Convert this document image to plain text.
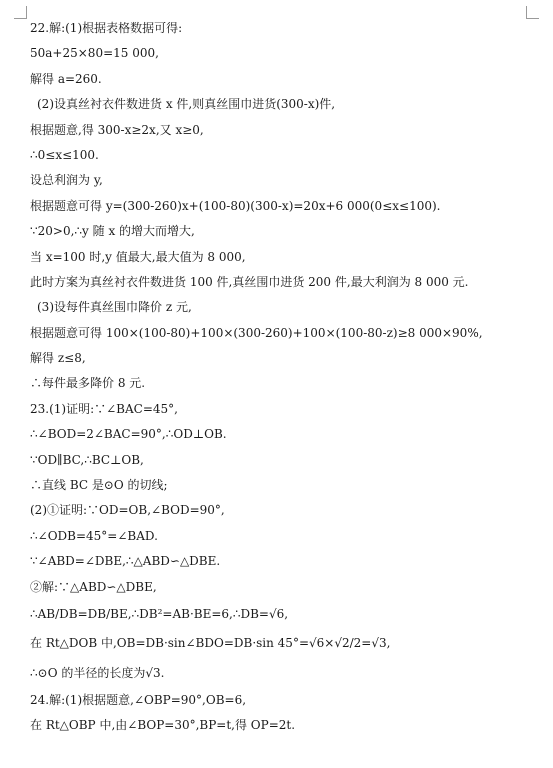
22.解:(1)根据表格数据可得:
50a+25×80=15 000,
解得 a=260.
(2)设真丝衬衣件数进货 x 件,则真丝围巾进货(300-x)件,
根据题意,得 300-x≥2x,又 x≥0,
∴0≤x≤100.
设总利润为 y,
根据题意可得 y=(300-260)x+(100-80)(300-x)=20x+6 000(0≤x≤100).
∵20>0,∴y 随 x 的增大而增大,
当 x=100 时,y 值最大,最大值为 8 000,
此时方案为真丝衬衣件数进货 100 件,真丝围巾进货 200 件,最大利润为 8 000 元.
(3)设每件真丝围巾降价 z 元,
根据题意可得 100×(100-80)+100×(300-260)+100×(100-80-z)≥8 000×90%,
解得 z≤8,
∴每件最多降价 8 元.
23.(1)证明:∵∠BAC=45°,
∴∠BOD=2∠BAC=90°,∴OD⊥OB.
∵OD∥BC,∴BC⊥OB,
∴直线 BC 是⊙O 的切线;
(2)①证明:∵OD=OB,∠BOD=90°,
∴∠ODB=45°=∠BAD.
∵∠ABD=∠DBE,∴△ABD∽△DBE.
②解:∵△ABD∽△DBE,
∴AB/DB=DB/BE,∴DB²=AB·BE=6,∴DB=√6,
在 Rt△DOB 中,OB=DB·sin∠BDO=DB·sin 45°=√6×√2/2=√3,
∴⊙O 的半径的长度为√3.
24.解:(1)根据题意,∠OBP=90°,OB=6,
在 Rt△OBP 中,由∠BOP=30°,BP=t,得 OP=2t.
